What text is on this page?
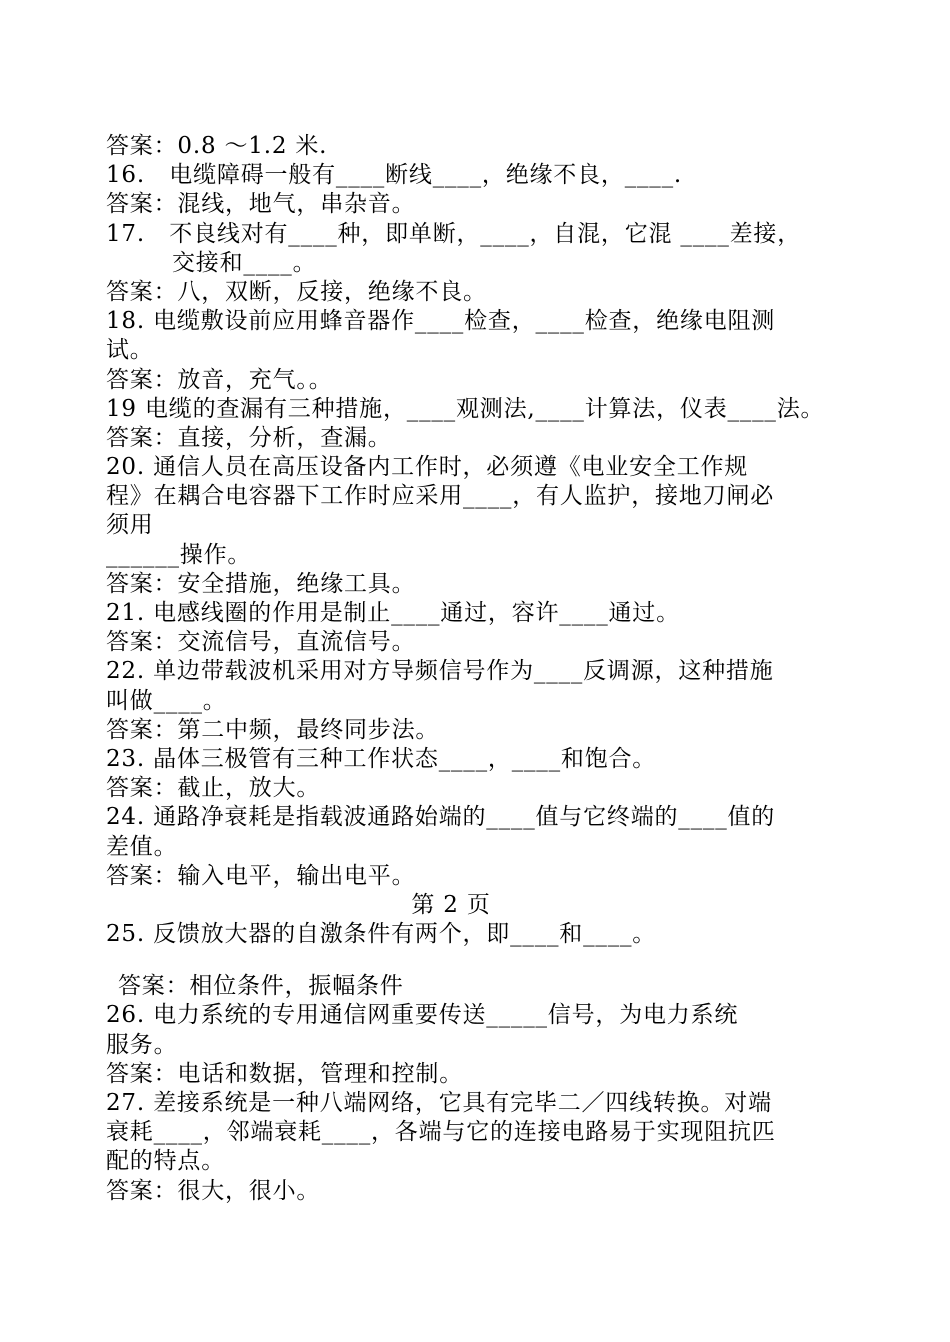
答案：0.8 ～1.2 米.
16.   电缆障碍一般有____断线____，绝缘不良，____.
答案：混线，地气，串杂音。
17.   不良线对有____种，即单断，____，自混，它混 ____差接，
交接和____。
答案：八，双断，反接，绝缘不良。
18. 电缆敷设前应用蜂音器作____检查，____检查，绝缘电阻测
试。
答案：放音，充气。。
19 电缆的查漏有三种措施，____观测法,____计算法，仪表____法。
答案：直接，分析，查漏。
20. 通信人员在高压设备内工作时，必须遵《电业安全工作规
程》在耦合电容器下工作时应采用____，有人监护，接地刀闸必
须用
______操作。
答案：安全措施，绝缘工具。
21. 电感线圈的作用是制止____通过，容许____通过。
答案：交流信号，直流信号。
22. 单边带载波机采用对方导频信号作为____反调源，这种措施
叫做____。
答案：第二中频，最终同步法。
23. 晶体三极管有三种工作状态____，____和饱合。
答案：截止，放大。
24. 通路净衰耗是指载波通路始端的____值与它终端的____值的
差值。
答案：输入电平，输出电平。
第 2 页
25. 反馈放大器的自激条件有两个，即____和____。
答案：相位条件，振幅条件
26. 电力系统的专用通信网重要传送_____信号，为电力系统
服务。
答案：电话和数据，管理和控制。
27. 差接系统是一种八端网络，它具有完毕二／四线转换。对端
衰耗____，邻端衰耗____，各端与它的连接电路易于实现阻抗匹
配的特点。
答案：很大，很小。
